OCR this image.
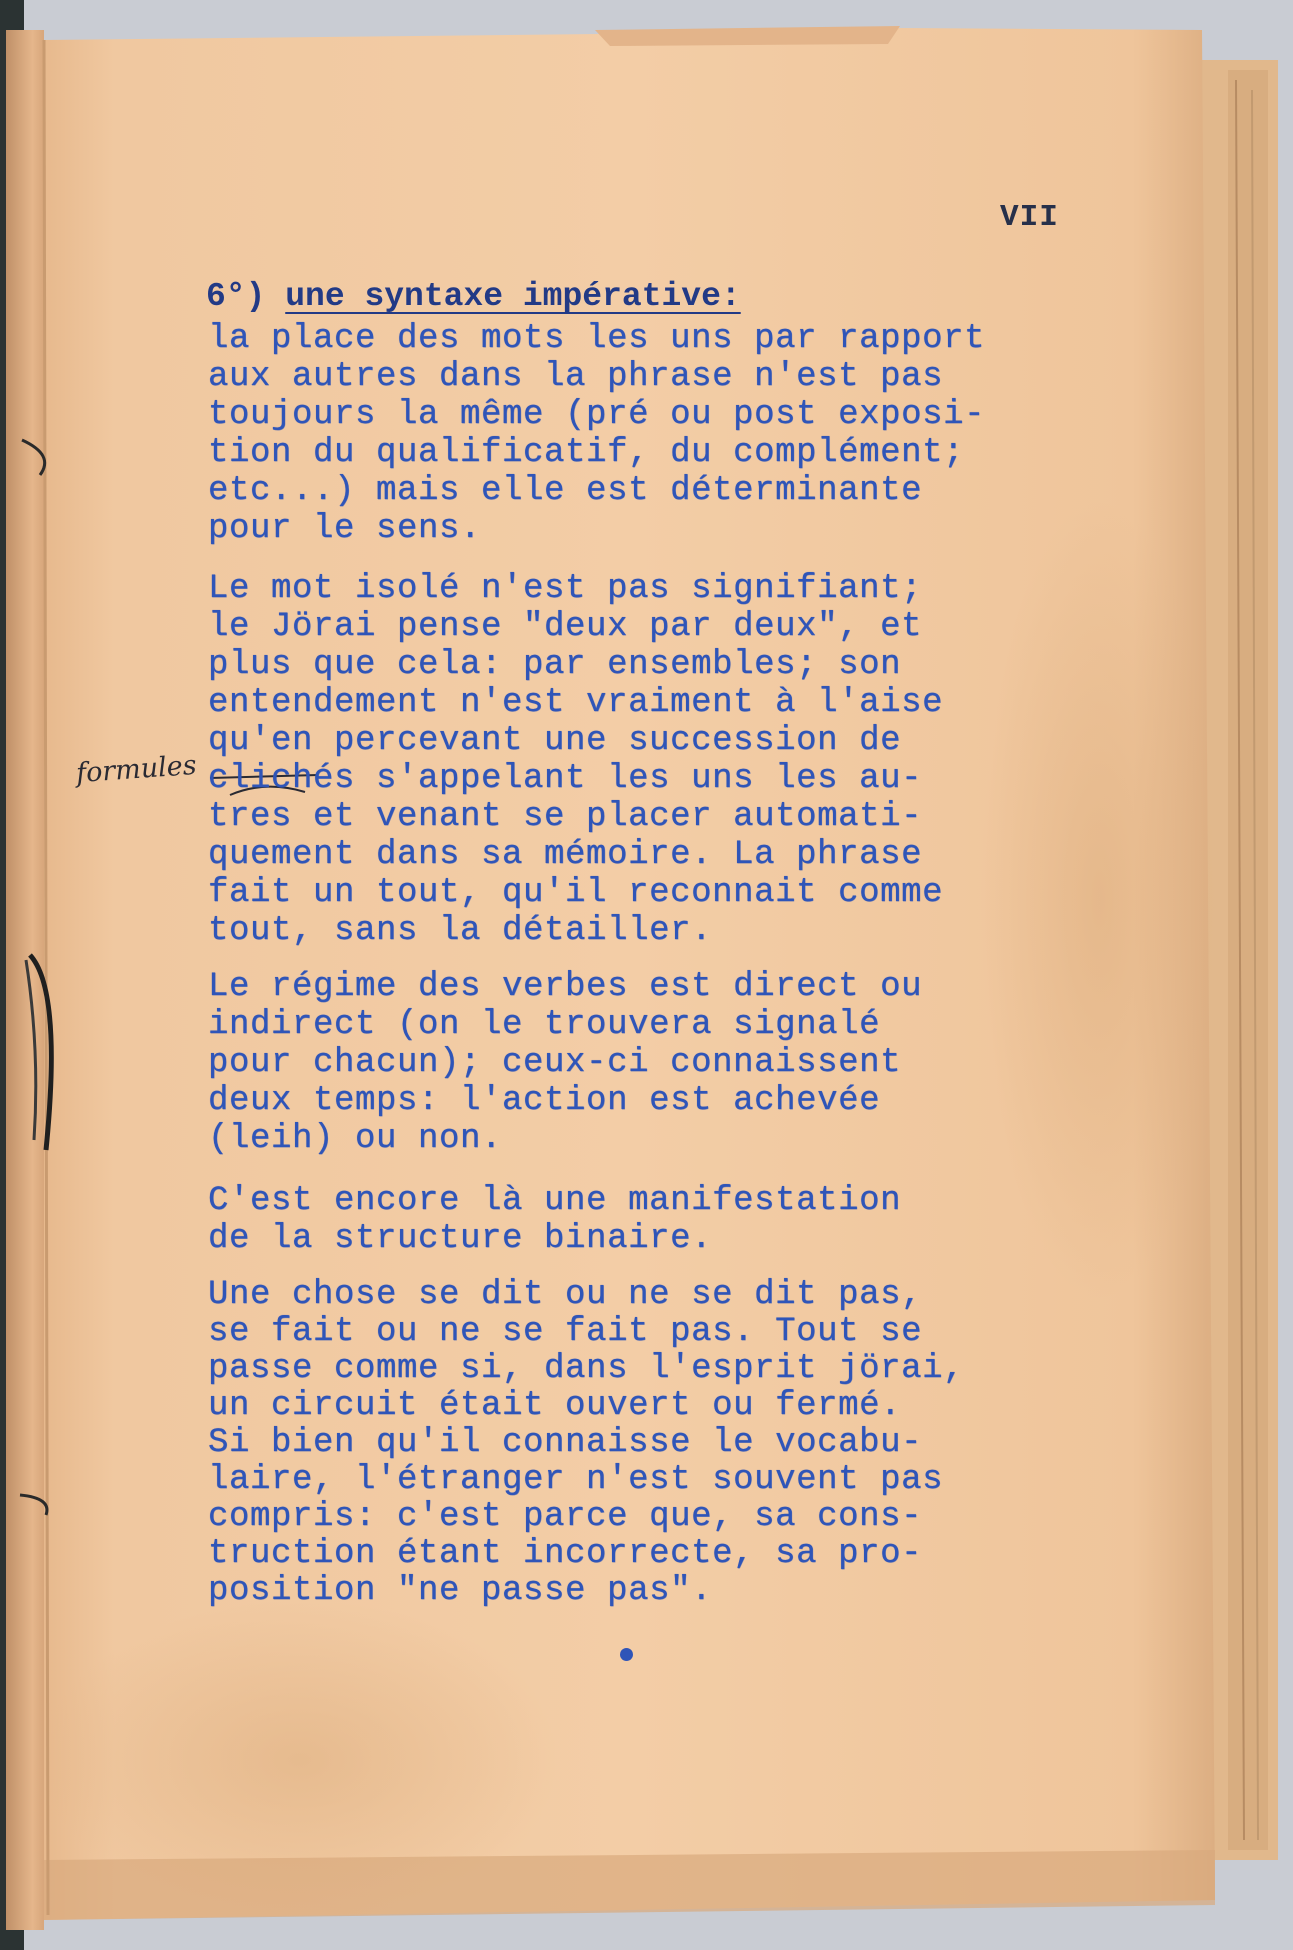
VII
6°) une syntaxe impérative:
formules
la place des mots les uns par rapport
aux autres dans la phrase n'est pas
toujours la même (pré ou post exposi-
tion du qualificatif, du complément;
etc...) mais elle est déterminante
pour le sens.
Le mot isolé n'est pas signifiant;
le Jörai pense "deux par deux", et
plus que cela: par ensembles; son
entendement n'est vraiment à l'aise
qu'en percevant une succession de
clichés s'appelant les uns les au-
tres et venant se placer automati-
quement dans sa mémoire. La phrase
fait un tout, qu'il reconnait comme
tout, sans la détailler.
Le régime des verbes est direct ou
indirect (on le trouvera signalé
pour chacun); ceux-ci connaissent
deux temps: l'action est achevée
(leih) ou non.
C'est encore là une manifestation
de la structure binaire.
Une chose se dit ou ne se dit pas,
se fait ou ne se fait pas. Tout se
passe comme si, dans l'esprit jörai,
un circuit était ouvert ou fermé.
Si bien qu'il connaisse le vocabu-
laire, l'étranger n'est souvent pas
compris: c'est parce que, sa cons-
truction étant incorrecte, sa pro-
position "ne passe pas".
